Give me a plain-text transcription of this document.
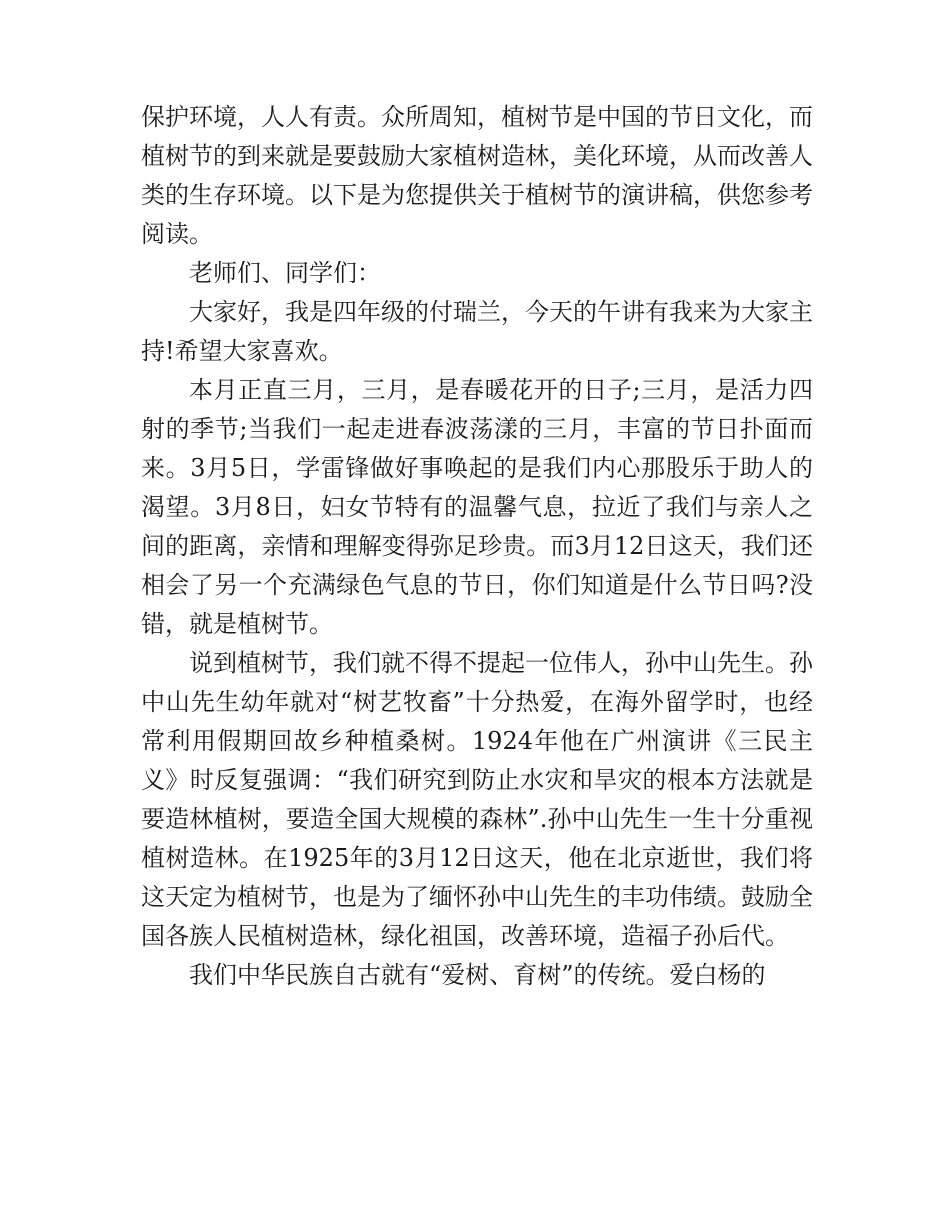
保护环境，人人有责。众所周知，植树节是中国的节日文化，而植树节的到来就是要鼓励大家植树造林，美化环境，从而改善人类的生存环境。以下是为您提供关于植树节的演讲稿，供您参考阅读。

老师们、同学们：

大家好，我是四年级的付瑞兰，今天的午讲有我来为大家主持!希望大家喜欢。

本月正直三月，三月，是春暖花开的日子;三月，是活力四射的季节;当我们一起走进春波荡漾的三月，丰富的节日扑面而来。3月5日，学雷锋做好事唤起的是我们内心那股乐于助人的渴望。3月8日，妇女节特有的温馨气息，拉近了我们与亲人之间的距离，亲情和理解变得弥足珍贵。而3月12日这天，我们还相会了另一个充满绿色气息的节日，你们知道是什么节日吗?没错，就是植树节。

说到植树节，我们就不得不提起一位伟人，孙中山先生。孙中山先生幼年就对“树艺牧畜”十分热爱，在海外留学时，也经常利用假期回故乡种植桑树。1924年他在广州演讲《三民主义》时反复强调：“我们研究到防止水灾和旱灾的根本方法就是要造林植树，要造全国大规模的森林”.孙中山先生一生十分重视植树造林。在1925年的3月12日这天，他在北京逝世，我们将这天定为植树节，也是为了缅怀孙中山先生的丰功伟绩。鼓励全国各族人民植树造林，绿化祖国，改善环境，造福子孙后代。

我们中华民族自古就有“爱树、育树”的传统。爱白杨的
